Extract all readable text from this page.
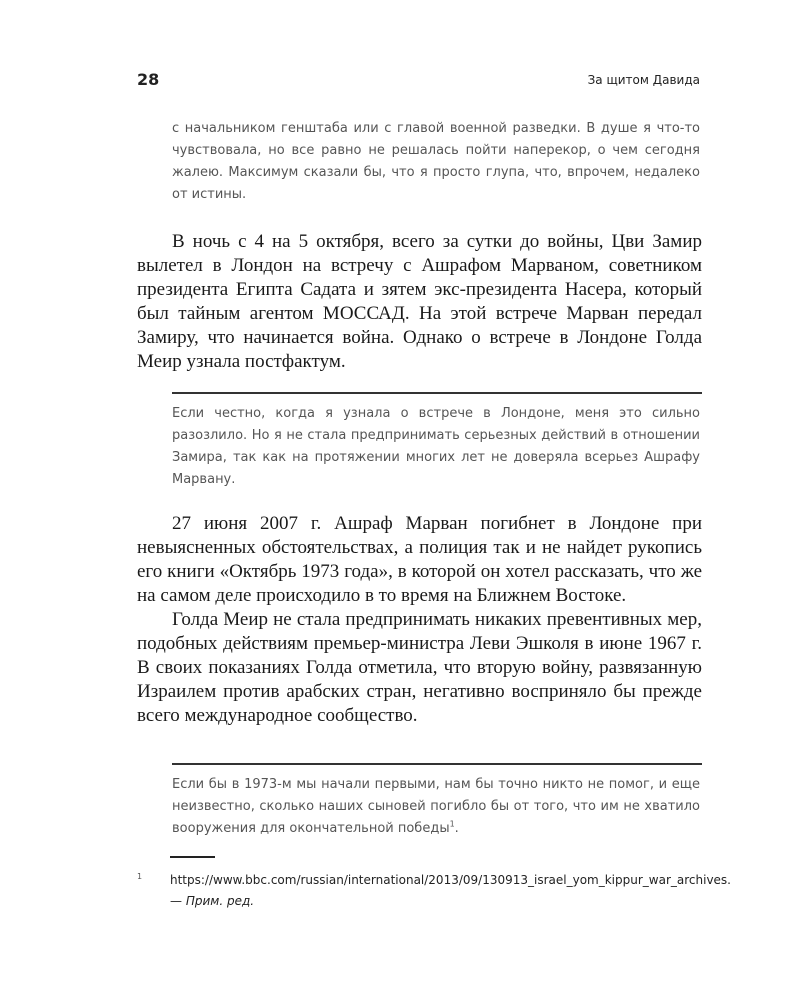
28	За щитом Давида

с начальником генштаба или с главой военной разведки. В душе я что-то чувствовала, но все равно не решалась пойти наперекор, о чем сегодня жалею. Максимум сказали бы, что я просто глупа, что, впрочем, недалеко от истины.

В ночь с 4 на 5 октября, всего за сутки до войны, Цви Замир вылетел в Лондон на встречу с Ашрафом Марваном, советником президента Египта Садата и зятем экс-президента Насера, который был тайным агентом МОССАД. На этой встрече Марван передал Замиру, что начинается война. Однако о встрече в Лондоне Голда Меир узнала постфактум.

Если честно, когда я узнала о встрече в Лондоне, меня это сильно разозлило. Но я не стала предпринимать серьезных действий в отношении Замира, так как на протяжении многих лет не доверяла всерьез Ашрафу Марвану.

27 июня 2007 г. Ашраф Марван погибнет в Лондоне при невыясненных обстоятельствах, а полиция так и не найдет рукопись его книги «Октябрь 1973 года», в которой он хотел рассказать, что же на самом деле происходило в то время на Ближнем Востоке.

Голда Меир не стала предпринимать никаких превентивных мер, подобных действиям премьер-министра Леви Эшколя в июне 1967 г. В своих показаниях Голда отметила, что вторую войну, развязанную Израилем против арабских стран, негативно восприняло бы прежде всего международное сообщество.

Если бы в 1973-м мы начали первыми, нам бы точно никто не помог, и еще неизвестно, сколько наших сыновей погибло бы от того, что им не хватило вооружения для окончательной победы$^1$.

1 https://www.bbc.com/russian/international/2013/09/130913_israel_yom_kippur_war_archives. — Прим. ред.
